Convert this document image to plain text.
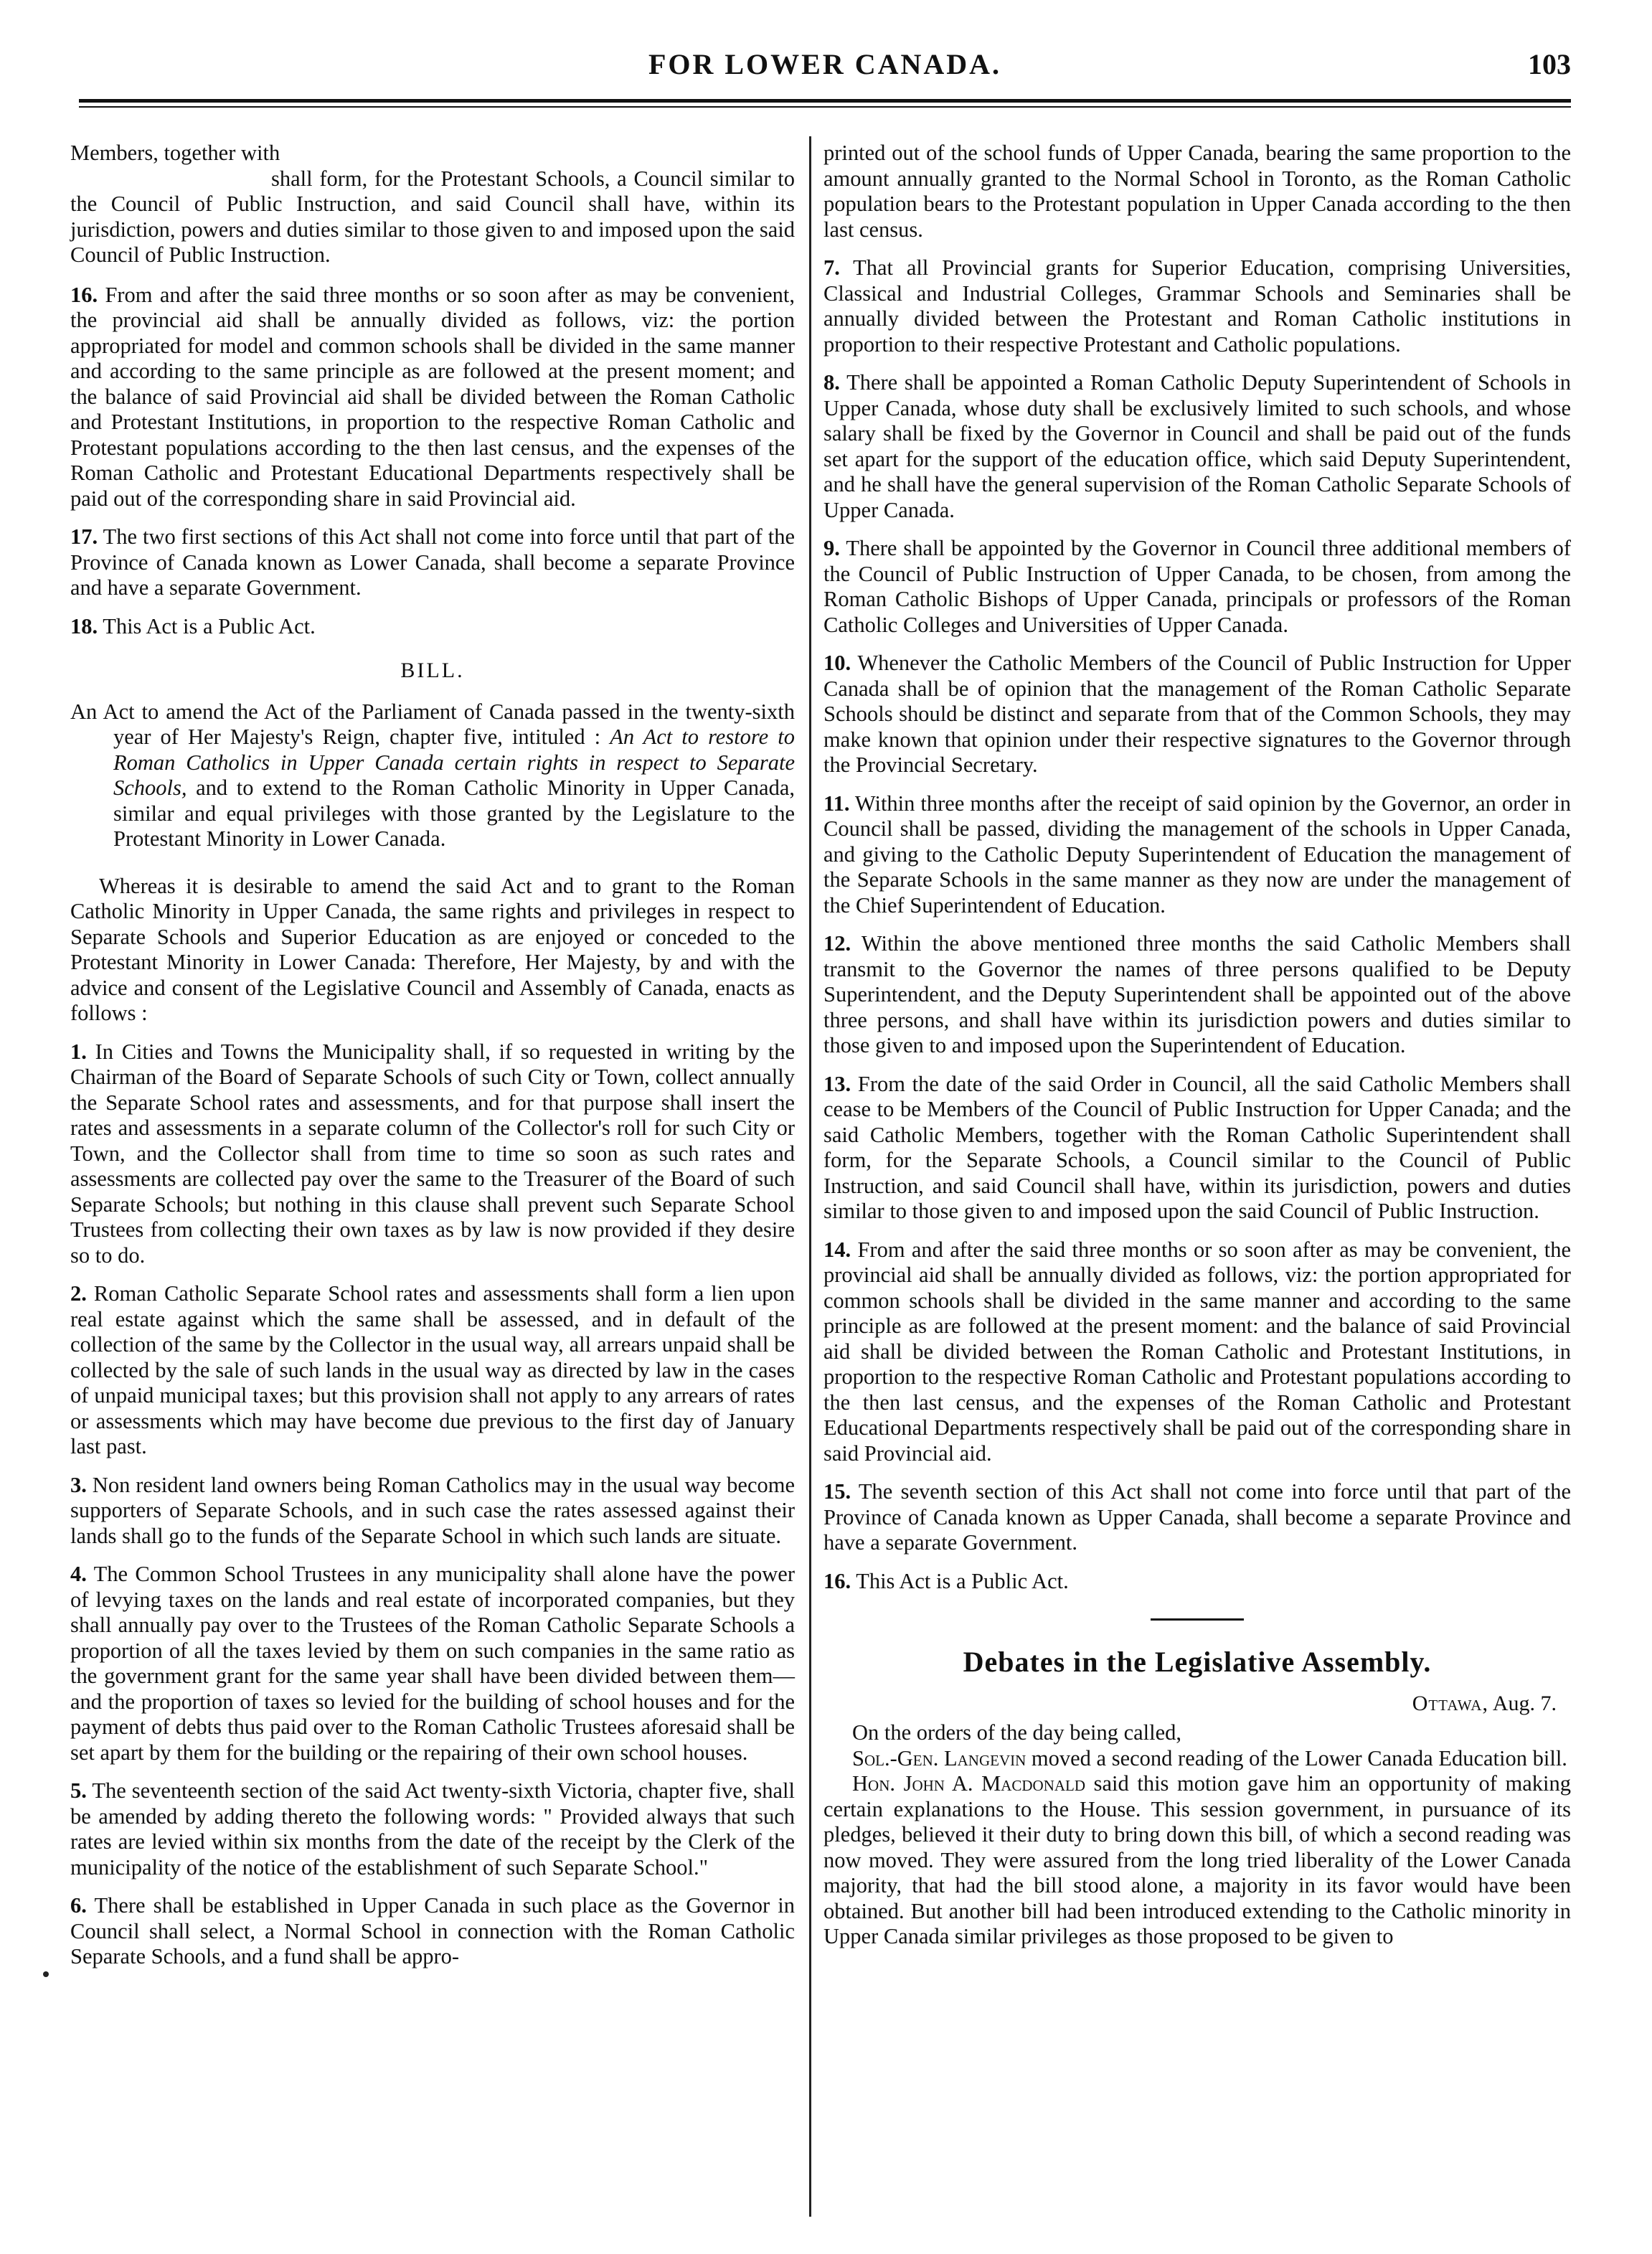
FOR LOWER CANADA.	103

Members, together with
shall form, for the Protestant Schools, a Council similar to the Council of Public Instruction, and said Council shall have, within its jurisdiction, powers and duties similar to those given to and imposed upon the said Council of Public Instruction.

16. From and after the said three months or so soon after as may be convenient, the provincial aid shall be annually divided as follows, viz: the portion appropriated for model and common schools shall be divided in the same manner and according to the same principle as are followed at the present moment; and the balance of said Provincial aid shall be divided between the Roman Catholic and Protestant Institutions, in proportion to the respective Roman Catholic and Protestant populations according to the then last census, and the expenses of the Roman Catholic and Protestant Educational Departments respectively shall be paid out of the corresponding share in said Provincial aid.

17. The two first sections of this Act shall not come into force until that part of the Province of Canada known as Lower Canada, shall become a separate Province and have a separate Government.

18. This Act is a Public Act.

BILL.

An Act to amend the Act of the Parliament of Canada passed in the twenty-sixth year of Her Majesty's Reign, chapter five, intituled : An Act to restore to Roman Catholics in Upper Canada certain rights in respect to Separate Schools, and to extend to the Roman Catholic Minority in Upper Canada, similar and equal privileges with those granted by the Legislature to the Protestant Minority in Lower Canada.

Whereas it is desirable to amend the said Act and to grant to the Roman Catholic Minority in Upper Canada, the same rights and privileges in respect to Separate Schools and Superior Education as are enjoyed or conceded to the Protestant Minority in Lower Canada: Therefore, Her Majesty, by and with the advice and consent of the Legislative Council and Assembly of Canada, enacts as follows :

1. In Cities and Towns the Municipality shall, if so requested in writing by the Chairman of the Board of Separate Schools of such City or Town, collect annually the Separate School rates and assessments, and for that purpose shall insert the rates and assessments in a separate column of the Collector's roll for such City or Town, and the Collector shall from time to time so soon as such rates and assessments are collected pay over the same to the Treasurer of the Board of such Separate Schools; but nothing in this clause shall prevent such Separate School Trustees from collecting their own taxes as by law is now provided if they desire so to do.

2. Roman Catholic Separate School rates and assessments shall form a lien upon real estate against which the same shall be assessed, and in default of the collection of the same by the Collector in the usual way, all arrears unpaid shall be collected by the sale of such lands in the usual way as directed by law in the cases of unpaid municipal taxes; but this provision shall not apply to any arrears of rates or assessments which may have become due previous to the first day of January last past.

3. Non resident land owners being Roman Catholics may in the usual way become supporters of Separate Schools, and in such case the rates assessed against their lands shall go to the funds of the Separate School in which such lands are situate.

4. The Common School Trustees in any municipality shall alone have the power of levying taxes on the lands and real estate of incorporated companies, but they shall annually pay over to the Trustees of the Roman Catholic Separate Schools a proportion of all the taxes levied by them on such companies in the same ratio as the government grant for the same year shall have been divided between them—and the proportion of taxes so levied for the building of school houses and for the payment of debts thus paid over to the Roman Catholic Trustees aforesaid shall be set apart by them for the building or the repairing of their own school houses.

5. The seventeenth section of the said Act twenty-sixth Victoria, chapter five, shall be amended by adding thereto the following words: " Provided always that such rates are levied within six months from the date of the receipt by the Clerk of the municipality of the notice of the establishment of such Separate School."

6. There shall be established in Upper Canada in such place as the Governor in Council shall select, a Normal School in connection with the Roman Catholic Separate Schools, and a fund shall be appro-

printed out of the school funds of Upper Canada, bearing the same proportion to the amount annually granted to the Normal School in Toronto, as the Roman Catholic population bears to the Protestant population in Upper Canada according to the then last census.

7. That all Provincial grants for Superior Education, comprising Universities, Classical and Industrial Colleges, Grammar Schools and Seminaries shall be annually divided between the Protestant and Roman Catholic institutions in proportion to their respective Protestant and Catholic populations.

8. There shall be appointed a Roman Catholic Deputy Superintendent of Schools in Upper Canada, whose duty shall be exclusively limited to such schools, and whose salary shall be fixed by the Governor in Council and shall be paid out of the funds set apart for the support of the education office, which said Deputy Superintendent, and he shall have the general supervision of the Roman Catholic Separate Schools of Upper Canada.

9. There shall be appointed by the Governor in Council three additional members of the Council of Public Instruction of Upper Canada, to be chosen, from among the Roman Catholic Bishops of Upper Canada, principals or professors of the Roman Catholic Colleges and Universities of Upper Canada.

10. Whenever the Catholic Members of the Council of Public Instruction for Upper Canada shall be of opinion that the management of the Roman Catholic Separate Schools should be distinct and separate from that of the Common Schools, they may make known that opinion under their respective signatures to the Governor through the Provincial Secretary.

11. Within three months after the receipt of said opinion by the Governor, an order in Council shall be passed, dividing the management of the schools in Upper Canada, and giving to the Catholic Deputy Superintendent of Education the management of the Separate Schools in the same manner as they now are under the management of the Chief Superintendent of Education.

12. Within the above mentioned three months the said Catholic Members shall transmit to the Governor the names of three persons qualified to be Deputy Superintendent, and the Deputy Superintendent shall be appointed out of the above three persons, and shall have within its jurisdiction powers and duties similar to those given to and imposed upon the Superintendent of Education.

13. From the date of the said Order in Council, all the said Catholic Members shall cease to be Members of the Council of Public Instruction for Upper Canada; and the said Catholic Members, together with the Roman Catholic Superintendent shall form, for the Separate Schools, a Council similar to the Council of Public Instruction, and said Council shall have, within its jurisdiction, powers and duties similar to those given to and imposed upon the said Council of Public Instruction.

14. From and after the said three months or so soon after as may be convenient, the provincial aid shall be annually divided as follows, viz: the portion appropriated for common schools shall be divided in the same manner and according to the same principle as are followed at the present moment: and the balance of said Provincial aid shall be divided between the Roman Catholic and Protestant Institutions, in proportion to the respective Roman Catholic and Protestant populations according to the then last census, and the expenses of the Roman Catholic and Protestant Educational Departments respectively shall be paid out of the corresponding share in said Provincial aid.

15. The seventh section of this Act shall not come into force until that part of the Province of Canada known as Upper Canada, shall become a separate Province and have a separate Government.

16. This Act is a Public Act.

Debates in the Legislative Assembly.
Ottawa, Aug. 7.

On the orders of the day being called,

Sol.-Gen. Langevin moved a second reading of the Lower Canada Education bill.

Hon. John A. Macdonald said this motion gave him an opportunity of making certain explanations to the House. This session government, in pursuance of its pledges, believed it their duty to bring down this bill, of which a second reading was now moved. They were assured from the long tried liberality of the Lower Canada majority, that had the bill stood alone, a majority in its favor would have been obtained. But another bill had been introduced extending to the Catholic minority in Upper Canada similar privileges as those proposed to be given to
